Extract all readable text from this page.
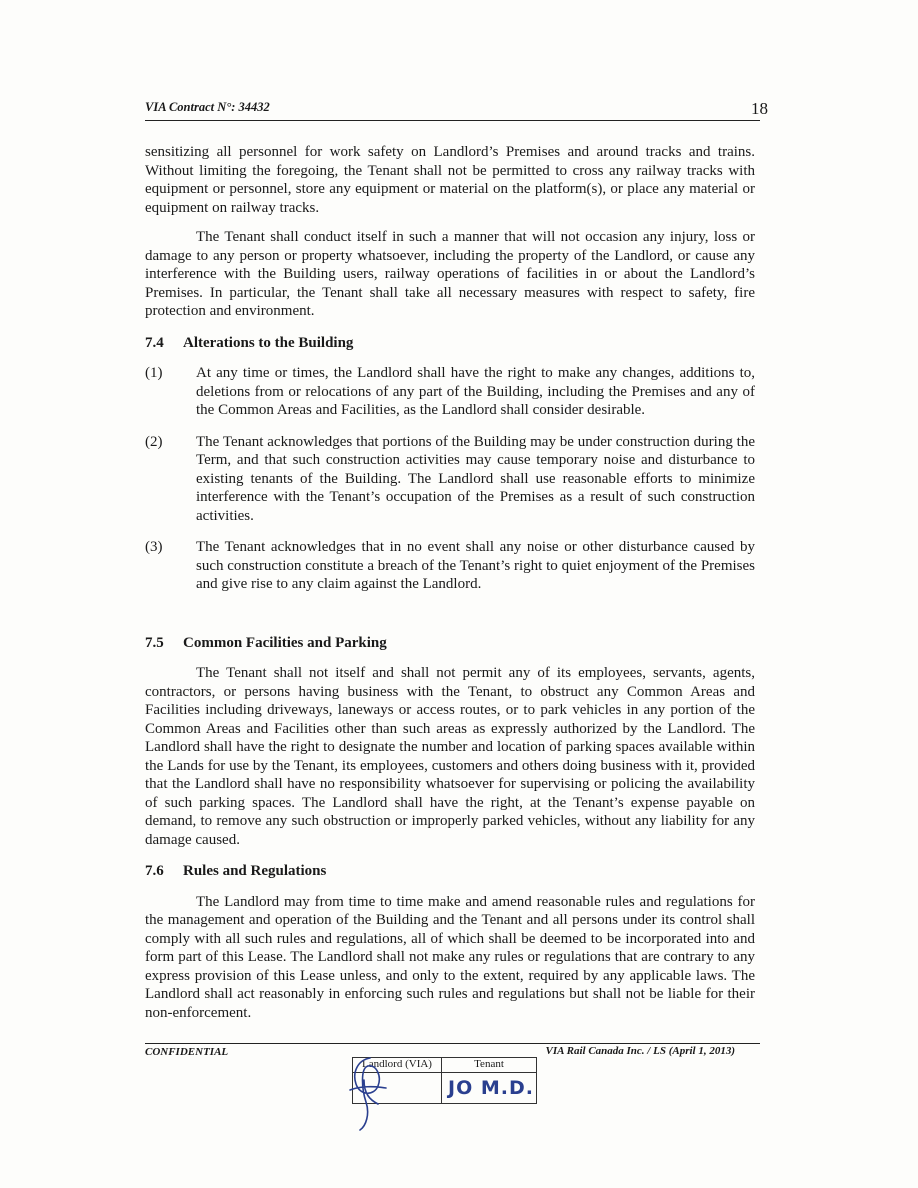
VIA Contract N°: 34432	18

sensitizing all personnel for work safety on Landlord’s Premises and around tracks and trains. Without limiting the foregoing, the Tenant shall not be permitted to cross any railway tracks with equipment or personnel, store any equipment or material on the platform(s), or place any material or equipment on railway tracks.

The Tenant shall conduct itself in such a manner that will not occasion any injury, loss or damage to any person or property whatsoever, including the property of the Landlord, or cause any interference with the Building users, railway operations of facilities in or about the Landlord’s Premises. In particular, the Tenant shall take all necessary measures with respect to safety, fire protection and environment.

7.4 Alterations to the Building
(1)	At any time or times, the Landlord shall have the right to make any changes, additions to, deletions from or relocations of any part of the Building, including the Premises and any of the Common Areas and Facilities, as the Landlord shall consider desirable.
(2)	The Tenant acknowledges that portions of the Building may be under construction during the Term, and that such construction activities may cause temporary noise and disturbance to existing tenants of the Building. The Landlord shall use reasonable efforts to minimize interference with the Tenant’s occupation of the Premises as a result of such construction activities.
(3)	The Tenant acknowledges that in no event shall any noise or other disturbance caused by such construction constitute a breach of the Tenant’s right to quiet enjoyment of the Premises and give rise to any claim against the Landlord.
7.5 Common Facilities and Parking

The Tenant shall not itself and shall not permit any of its employees, servants, agents, contractors, or persons having business with the Tenant, to obstruct any Common Areas and Facilities including driveways, laneways or access routes, or to park vehicles in any portion of the Common Areas and Facilities other than such areas as expressly authorized by the Landlord. The Landlord shall have the right to designate the number and location of parking spaces available within the Lands for use by the Tenant, its employees, customers and others doing business with it, provided that the Landlord shall have no responsibility whatsoever for supervising or policing the availability of such parking spaces. The Landlord shall have the right, at the Tenant’s expense payable on demand, to remove any such obstruction or improperly parked vehicles, without any liability for any damage caused.

7.6 Rules and Regulations

The Landlord may from time to time make and amend reasonable rules and regulations for the management and operation of the Building and the Tenant and all persons under its control shall comply with all such rules and regulations, all of which shall be deemed to be incorporated into and form part of this Lease. The Landlord shall not make any rules or regulations that are contrary to any express provision of this Lease unless, and only to the extent, required by any applicable laws. The Landlord shall act reasonably in enforcing such rules and regulations but shall not be liable for their non-enforcement.

CONFIDENTIAL	VIA Rail Canada Inc. / LS (April 1, 2013)
Landlord (VIA)	Tenant
	JO M.D.
